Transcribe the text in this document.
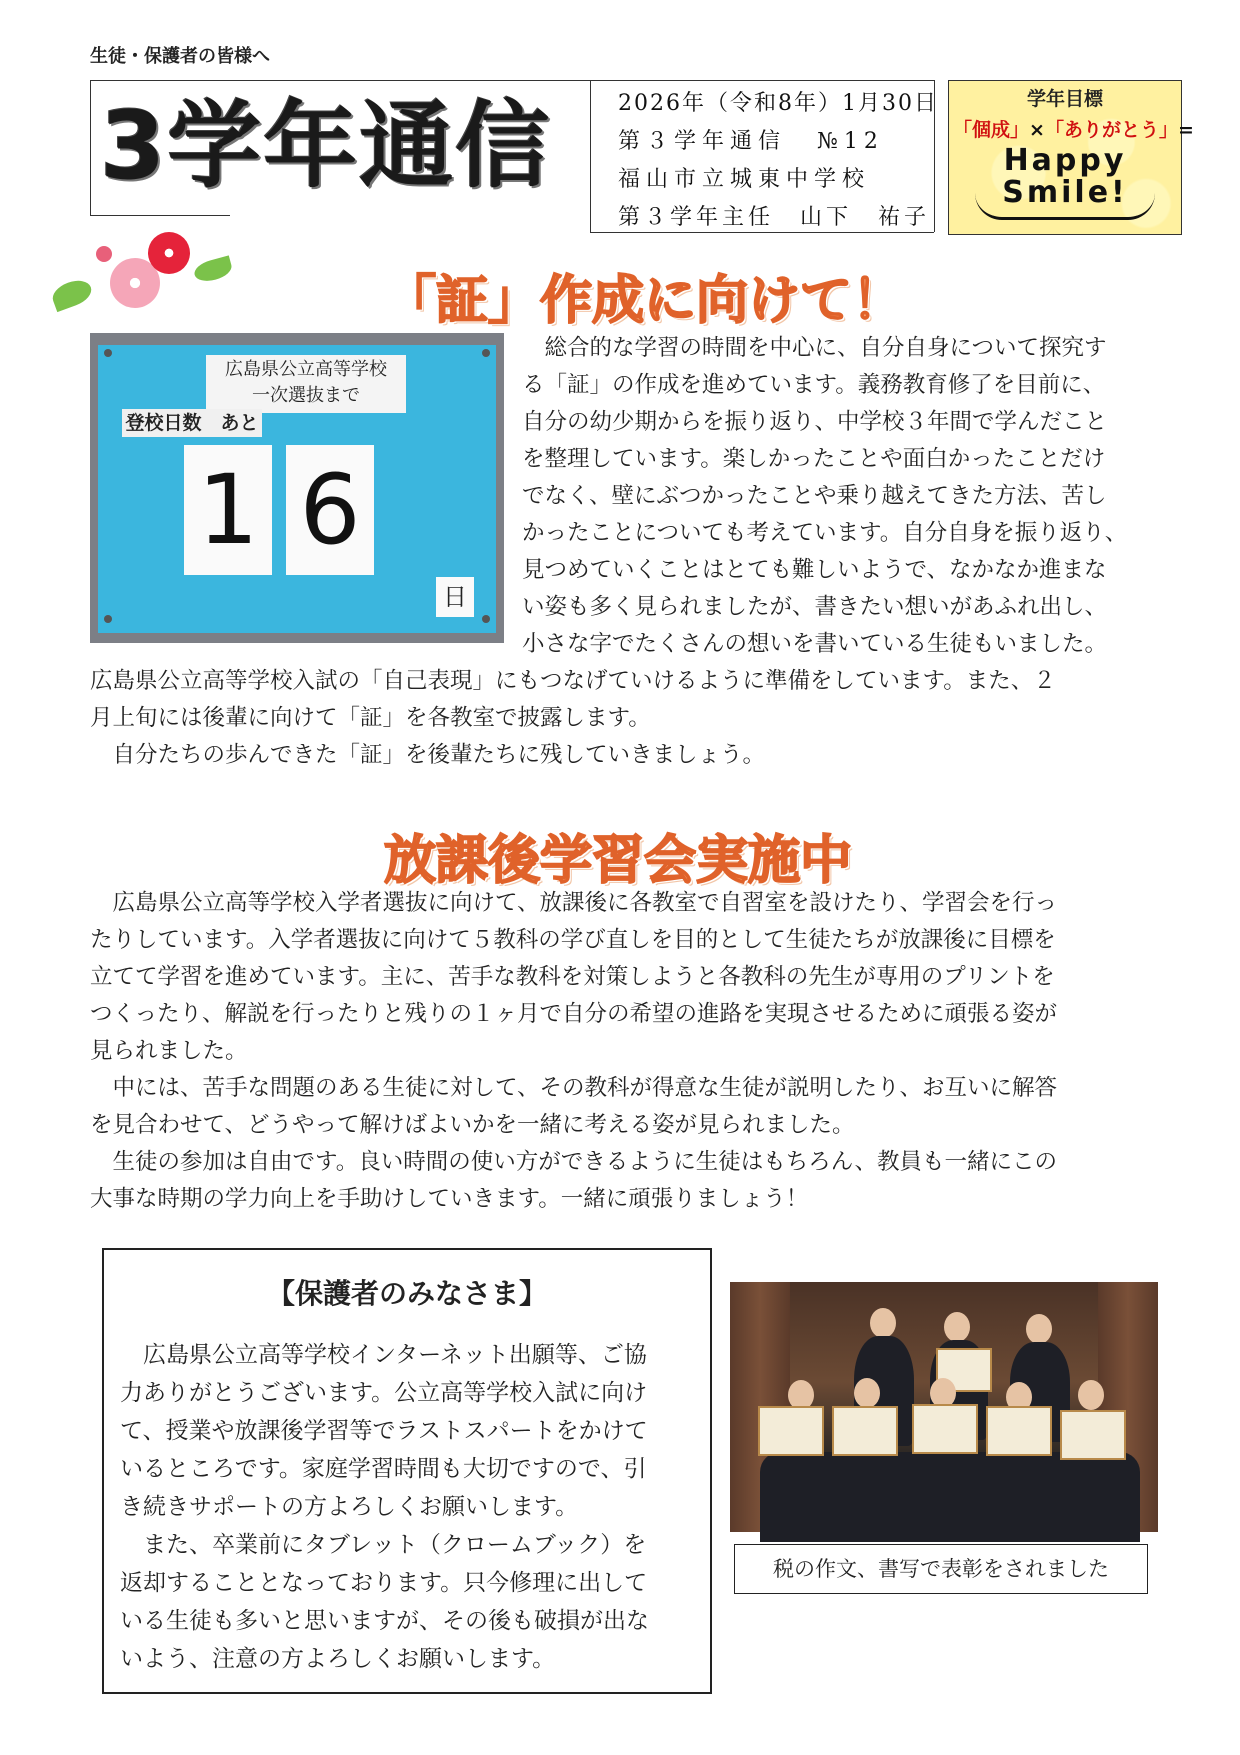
生徒・保護者の皆様へ
3学年通信	2026年（令和8年）1月30日
第３学年通信 №12
福山市立城東中学校
第３学年主任　山下　祐子
学年目標
「個成」×「ありがとう」=
Happy
Smile!
「証」作成に向けて！
広島県公立高等学校
一次選抜まで
登校日数　あと
1 6
日
　総合的な学習の時間を中心に、自分自身について探究す
る「証」の作成を進めています。義務教育修了を目前に、
自分の幼少期からを振り返り、中学校３年間で学んだこと
を整理しています。楽しかったことや面白かったことだけ
でなく、壁にぶつかったことや乗り越えてきた方法、苦し
かったことについても考えています。自分自身を振り返り、
見つめていくことはとても難しいようで、なかなか進まな
い姿も多く見られましたが、書きたい想いがあふれ出し、
小さな字でたくさんの想いを書いている生徒もいました。
広島県公立高等学校入試の「自己表現」にもつなげていけるように準備をしています。また、２
月上旬には後輩に向けて「証」を各教室で披露します。
　自分たちの歩んできた「証」を後輩たちに残していきましょう。
放課後学習会実施中
　広島県公立高等学校入学者選抜に向けて、放課後に各教室で自習室を設けたり、学習会を行っ
たりしています。入学者選抜に向けて５教科の学び直しを目的として生徒たちが放課後に目標を
立てて学習を進めています。主に、苦手な教科を対策しようと各教科の先生が専用のプリントを
つくったり、解説を行ったりと残りの１ヶ月で自分の希望の進路を実現させるために頑張る姿が
見られました。
　中には、苦手な問題のある生徒に対して、その教科が得意な生徒が説明したり、お互いに解答
を見合わせて、どうやって解けばよいかを一緒に考える姿が見られました。
　生徒の参加は自由です。良い時間の使い方ができるように生徒はもちろん、教員も一緒にこの
大事な時期の学力向上を手助けしていきます。一緒に頑張りましょう！
【保護者のみなさま】
　広島県公立高等学校インターネット出願等、ご協
力ありがとうございます。公立高等学校入試に向け
て、授業や放課後学習等でラストスパートをかけて
いるところです。家庭学習時間も大切ですので、引
き続きサポートの方よろしくお願いします。
　また、卒業前にタブレット（クロームブック）を
返却することとなっております。只今修理に出して
いる生徒も多いと思いますが、その後も破損が出な
いよう、注意の方よろしくお願いします。
税の作文、書写で表彰をされました
